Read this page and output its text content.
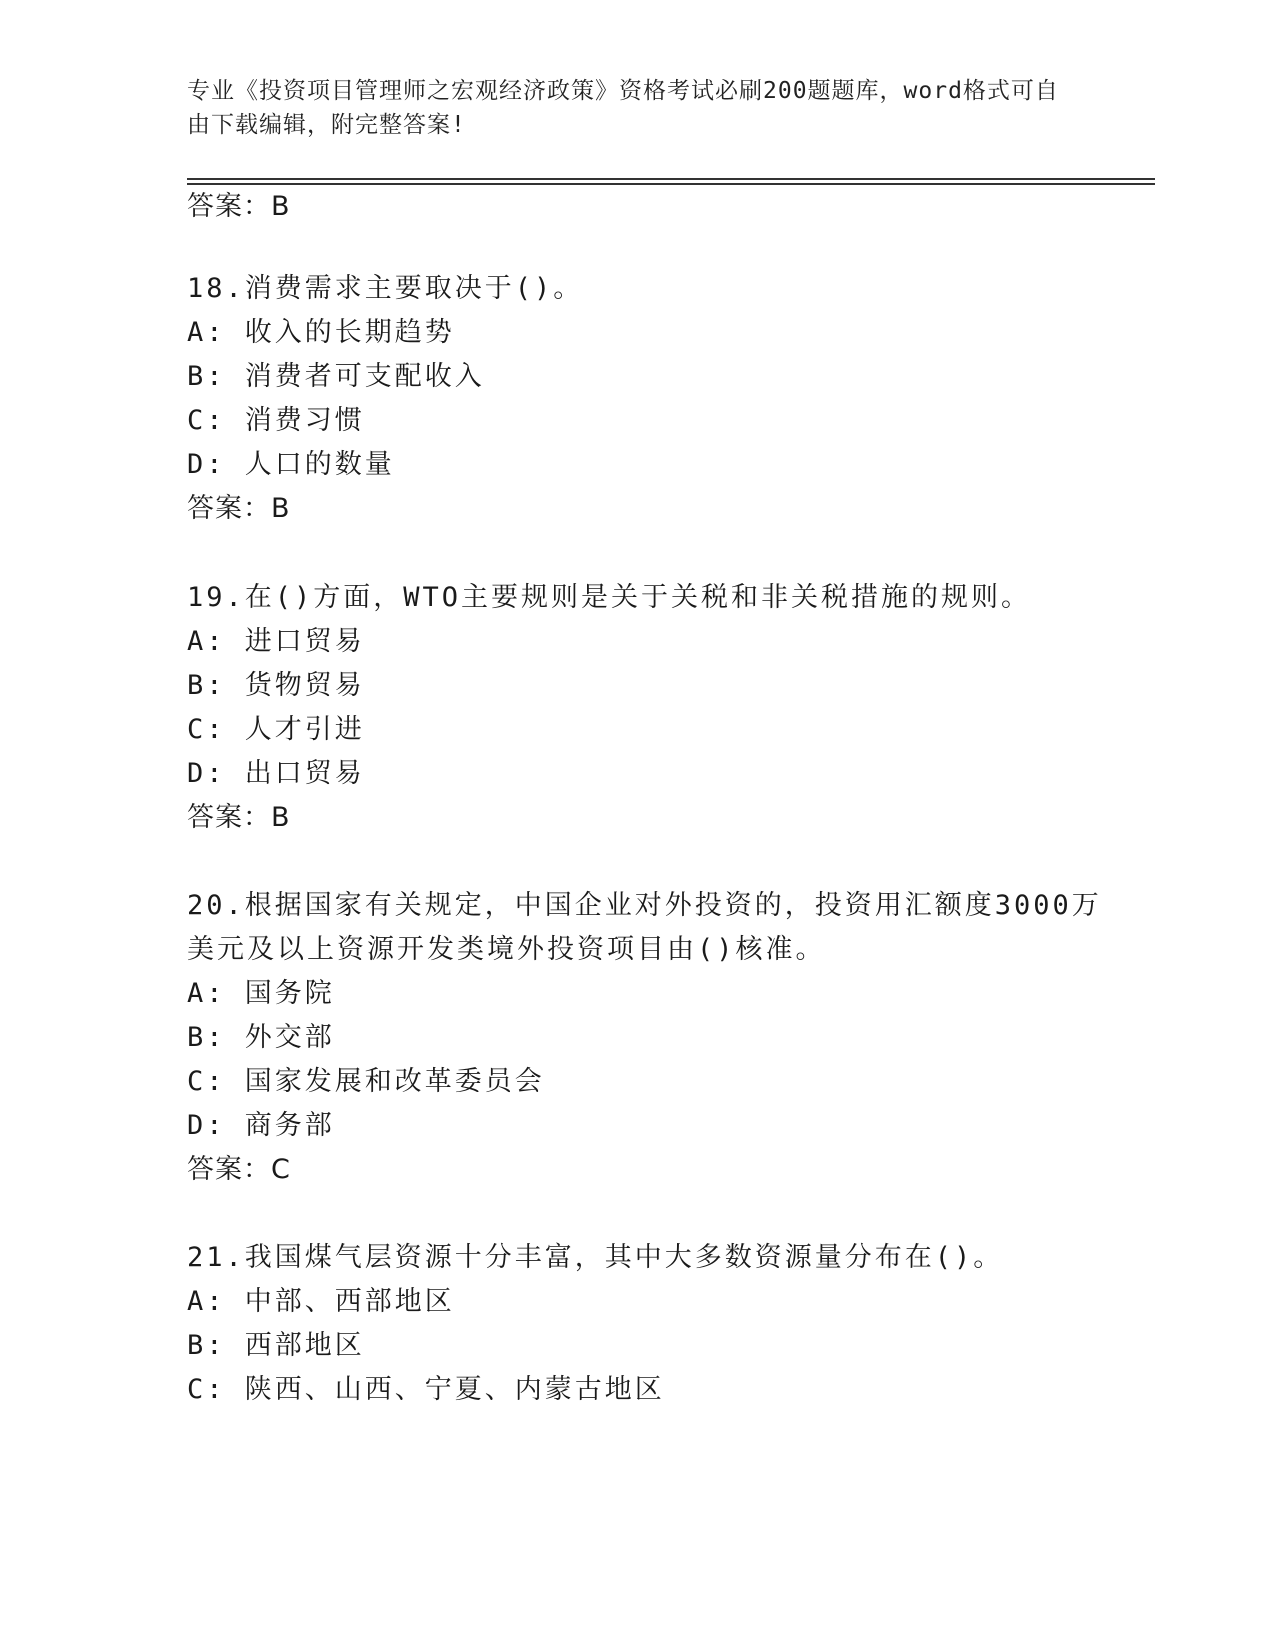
专业《投资项目管理师之宏观经济政策》资格考试必刷200题题库，word格式可自由下载编辑，附完整答案!
答案：B
18.消费需求主要取决于()。
A: 收入的长期趋势
B: 消费者可支配收入
C: 消费习惯
D: 人口的数量
答案：B
19.在()方面，WTO主要规则是关于关税和非关税措施的规则。
A: 进口贸易
B: 货物贸易
C: 人才引进
D: 出口贸易
答案：B
20.根据国家有关规定，中国企业对外投资的，投资用汇额度3000万
美元及以上资源开发类境外投资项目由()核准。
A: 国务院
B: 外交部
C: 国家发展和改革委员会
D: 商务部
答案：C
21.我国煤气层资源十分丰富，其中大多数资源量分布在()。
A: 中部、西部地区
B: 西部地区
C: 陕西、山西、宁夏、内蒙古地区
